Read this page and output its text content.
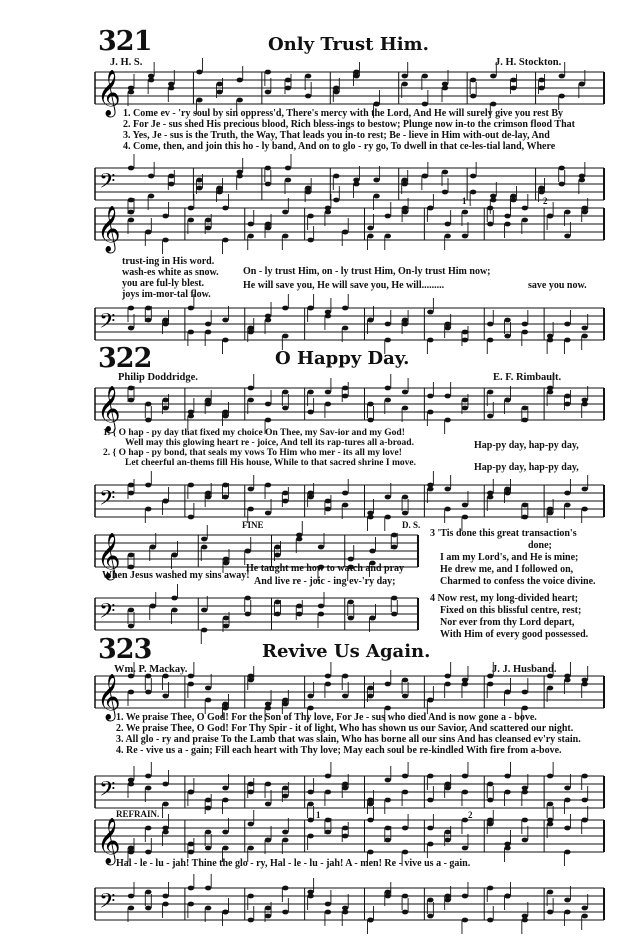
𝄞
𝄢
𝄞
𝄢
𝄞
𝄢
𝄞
𝄢
𝄞
𝄢
𝄞
𝄢
321	Only Trust Him.
J. H. S.	J. H. Stockton.
1. Come ev - 'ry soul by sin oppress'd, There's mercy with the Lord, And He will surely give you rest By
2. For Je - sus shed His precious blood, Rich bless-ings to bestow; Plunge now in-to the crimson flood That
3. Yes, Je - sus is the Truth, the Way, That leads you in-to rest; Be - lieve in Him with-out de-lay, And
4. Come, then, and join this ho - ly band, And on to glo - ry go, To dwell in that ce-les-tial land, Where
trust-ing in His word.
wash-es white as snow.
you are ful-ly blest.
joys im-mor-tal flow.
On - ly trust Him, on - ly trust Him, On-ly trust Him now;
He will save you, He will save you, He will.........	save you now.
1	2
322	O Happy Day.
Philip Doddridge.	E. F. Rimbault.
1. { O hap - py day that fixed my choice On Thee, my Sav-ior and my God!
Well may this glowing heart re - joice, And tell its rap-tures all a-broad.
2. { O hap - py bond, that seals my vows To Him who mer - its all my love!
Let cheerful an-thems fill His house, While to that sacred shrine I move.
Hap-py day, hap-py day,
Hap-py day, hap-py day,
FINE	D. S.
When Jesus washed my sins away!
He taught me how to watch and pray
And live re - joic - ing ev-'ry day;
3 'Tis done this great transaction's
done;
I am my Lord's, and He is mine;
He drew me, and I followed on,
Charmed to confess the voice divine.
4 Now rest, my long-divided heart;
Fixed on this blissful centre, rest;
Nor ever from thy Lord depart,
With Him of every good possessed.
323	Revive Us Again.
Wm. P. Mackay.	J. J. Husband.
1. We praise Thee, O God! For the Son of Thy love, For Je - sus who died And is now gone a - bove.
2. We praise Thee, O God! For Thy Spir - it of light, Who has shown us our Savior, And scattered our night.
3. All glo - ry and praise To the Lamb that was slain, Who has borne all our sins And has cleansed ev'ry stain.
4. Re - vive us a - gain; Fill each heart with Thy love; May each soul be re-kindled With fire from a-bove.
REFRAIN.	1	2
Hal - le - lu - jah! Thine the glo - ry, Hal - le - lu - jah! A - men! Re - vive us a - gain.
